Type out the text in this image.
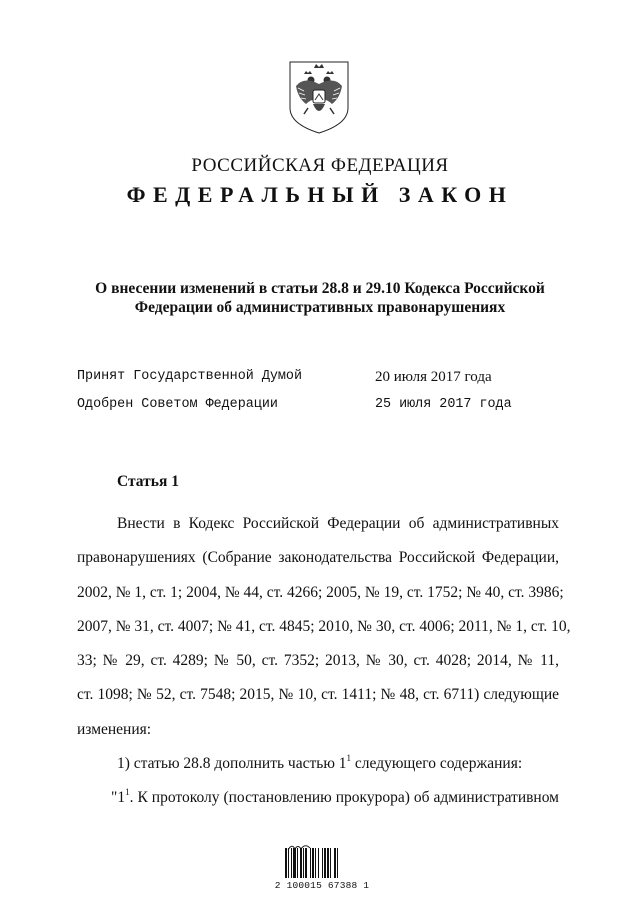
РОССИЙСКАЯ ФЕДЕРАЦИЯ
ФЕДЕРАЛЬНЫЙ ЗАКОН
О внесении изменений в статьи 28.8 и 29.10 Кодекса Российской
Федерации об административных правонарушениях
Принят Государственной Думой	20 июля 2017 года
Одобрен Советом Федерации	25 июля 2017 года
Статья 1
Внести в Кодекс Российской Федерации об административных
правонарушениях (Собрание законодательства Российской Федерации,
2002, № 1, ст. 1; 2004, № 44, ст. 4266; 2005, № 19, ст. 1752; № 40, ст. 3986;
2007, № 31, ст. 4007; № 41, ст. 4845; 2010, № 30, ст. 4006; 2011, № 1, ст. 10,
33; № 29, ст. 4289; № 50, ст. 7352; 2013, № 30, ст. 4028; 2014, № 11,
ст. 1098; № 52, ст. 7548; 2015, № 10, ст. 1411; № 48, ст. 6711) следующие
изменения:
1) статью 28.8 дополнить частью $1^1$ следующего содержания:
"$1^1$. К протоколу (постановлению прокурора) об административном
2 100015 67388 1
